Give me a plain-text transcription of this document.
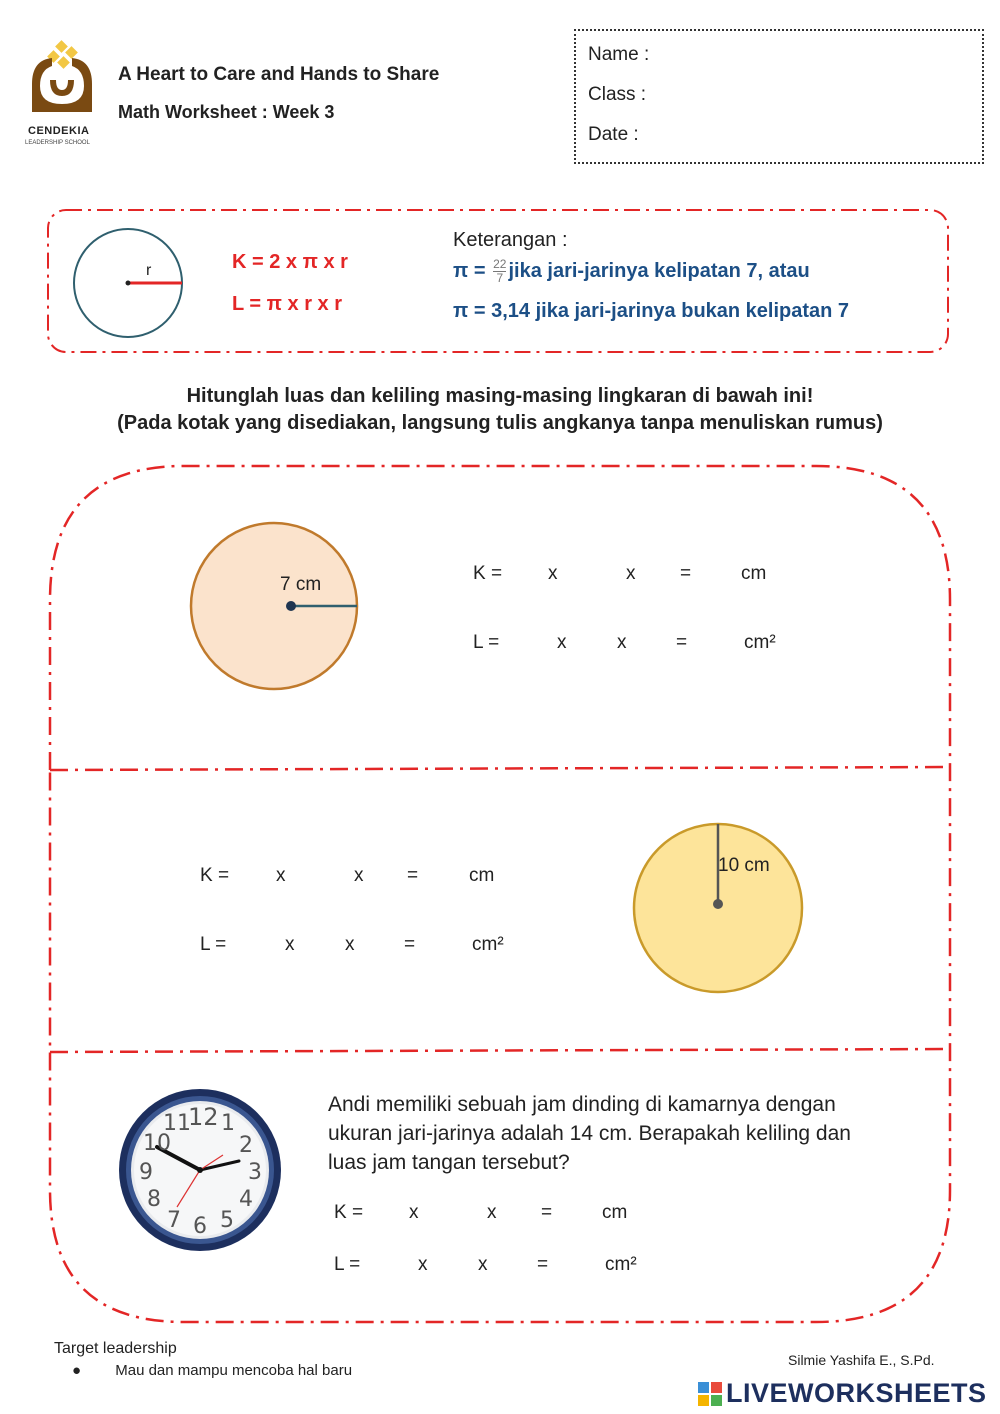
CENDEKIA
LEADERSHIP SCHOOL
A Heart to Care and Hands to Share
Math Worksheet : Week 3
Name :
Class :
Date :
r	K = 2 x π x r
L = π x r x r
Keterangan :
$\pi = \frac{22}{7}$ jika jari-jarinya kelipatan 7, atau
π = 3,14 jika jari-jarinya bukan kelipatan 7
Hitunglah luas dan keliling masing-masing lingkaran di bawah ini!
(Pada kotak yang disediakan, langsung tulis angkanya tanpa menuliskan rumus)
7 cm
K = x	x =	cm
L =	x	x	=	cm²
K = x	x =	cm
L =	x	x	=	cm²
10 cm
12 1
2
3
4
5
6
7
8
9
10
11
Andi memiliki sebuah jam dinding di kamarnya dengan
ukuran jari-jarinya adalah 14 cm. Berapakah keliling dan
luas jam tangan tersebut?
K = x	x =	cm
L =	x	x	=	cm²
Target leadership
● Mau dan mampu mencoba hal baru
Silmie Yashifa E., S.Pd.
LIVEWORKSHEETS
